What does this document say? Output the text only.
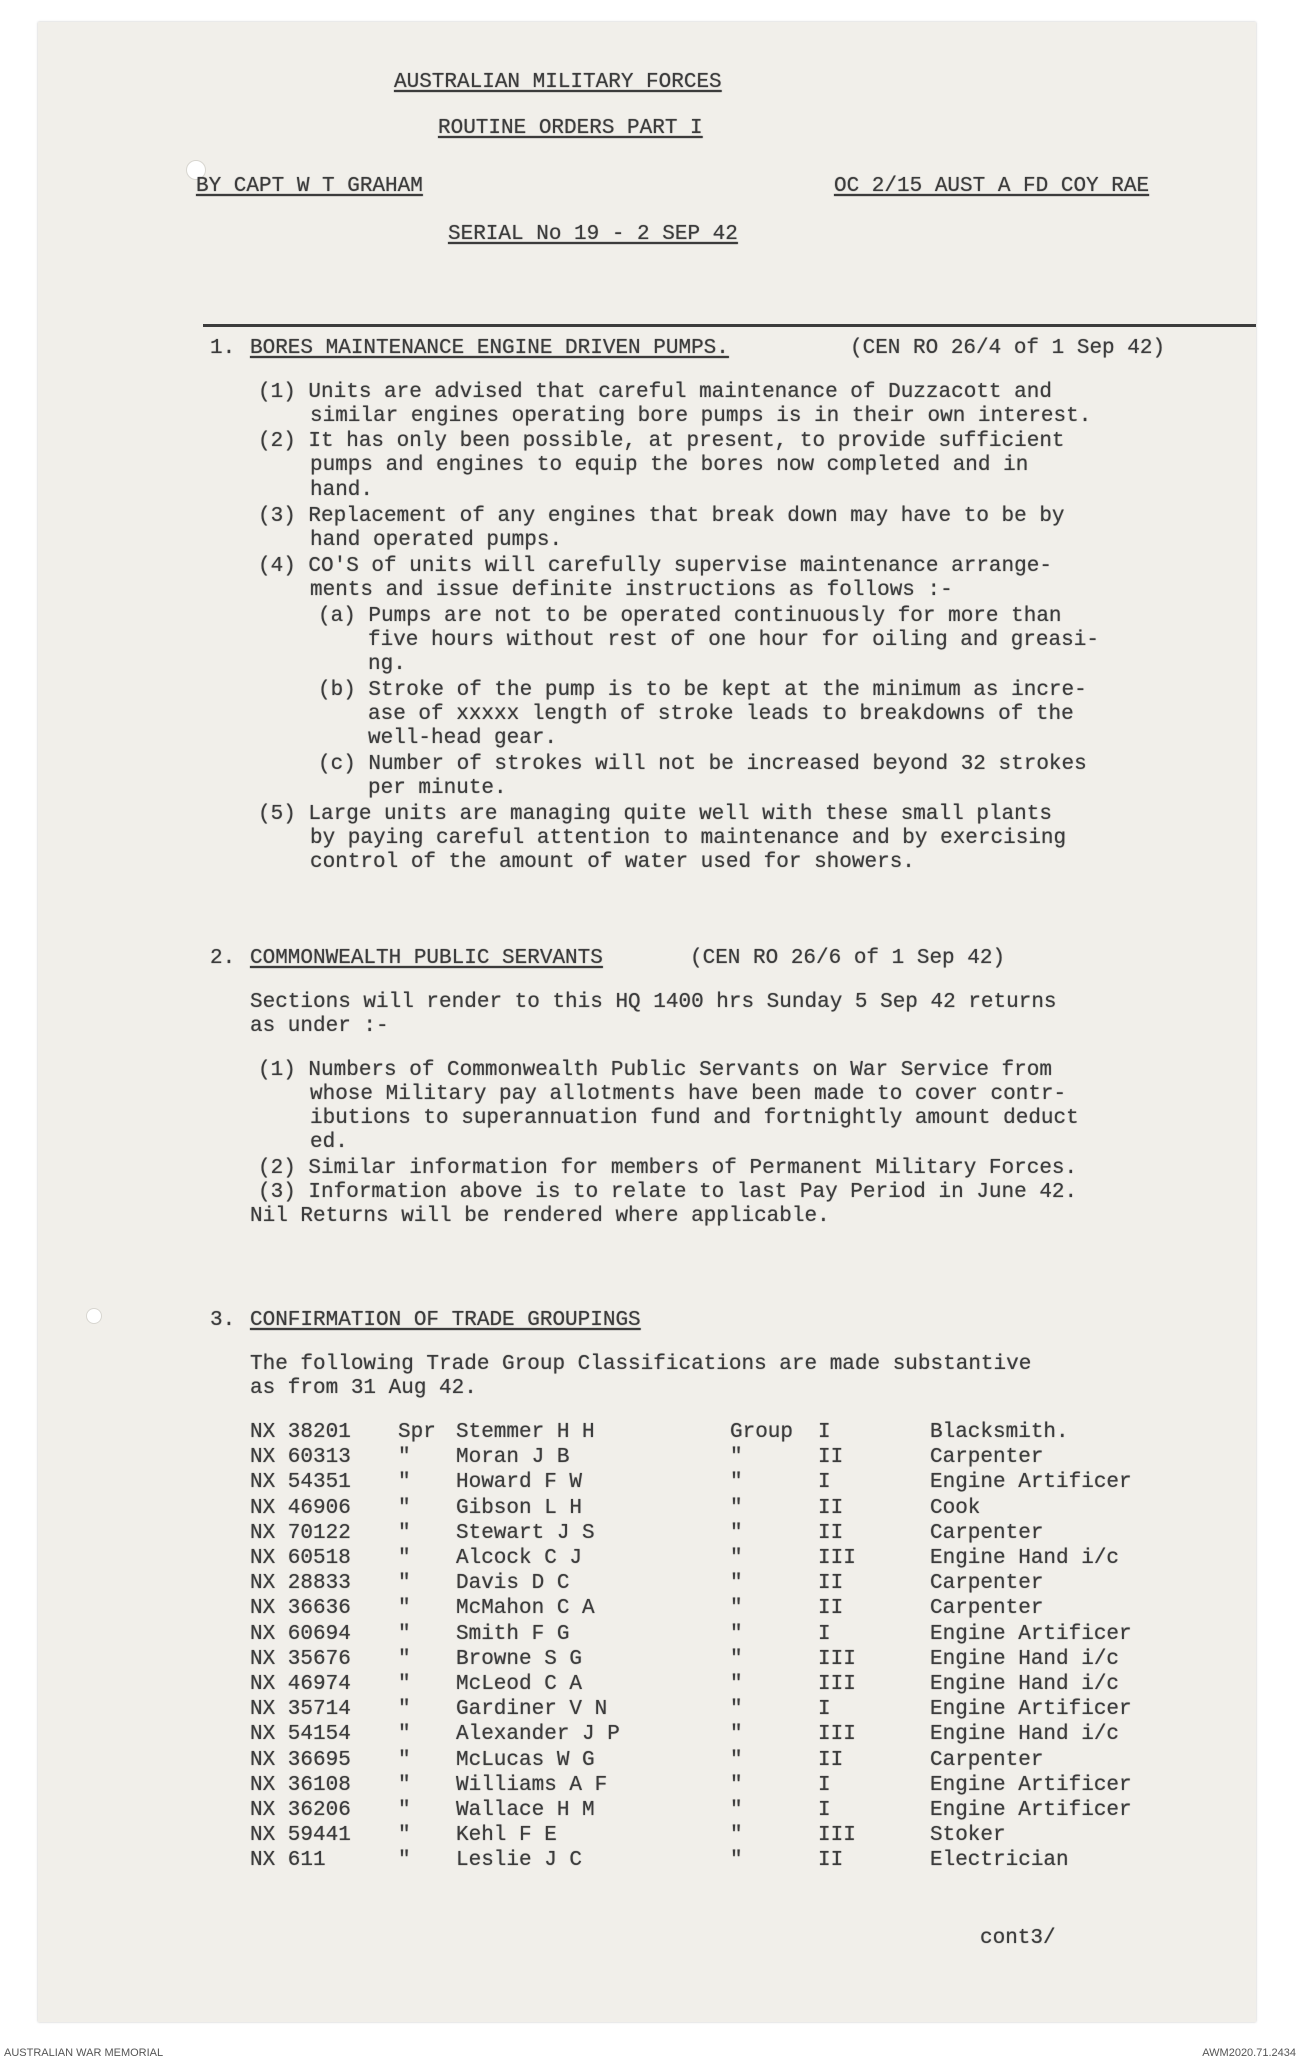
AUSTRALIAN MILITARY FORCES

ROUTINE ORDERS PART I

BY CAPT W T GRAHAM

	OC 2/15 AUST A FD COY RAE

SERIAL No 19 - 2 SEP 42

1.

BORES MAINTENANCE ENGINE DRIVEN PUMPS.

	(CEN RO 26/4 of 1 Sep 42)

(1) Units are advised that careful maintenance of Duzzacott and
similar engines operating bore pumps is in their own interest.
(2) It has only been possible, at present, to provide sufficient
pumps and engines to equip the bores now completed and in
hand.
(3) Replacement of any engines that break down may have to be by
hand operated pumps.
(4) CO'S of units will carefully supervise maintenance arrange-
ments and issue definite instructions as follows :-
(a) Pumps are not to be operated continuously for more than
five hours without rest of one hour for oiling and greasi-
ng.
(b) Stroke of the pump is to be kept at the minimum as incre-
ase of xxxxx length of stroke leads to breakdowns of the
well-head gear.
(c) Number of strokes will not be increased beyond 32 strokes
per minute.
(5) Large units are managing quite well with these small plants
by paying careful attention to maintenance and by exercising
control of the amount of water used for showers.

2.

COMMONWEALTH PUBLIC SERVANTS

	(CEN RO 26/6 of 1 Sep 42)

Sections will render to this HQ 1400 hrs Sunday 5 Sep 42 returns
as under :-
(1) Numbers of Commonwealth Public Servants on War Service from
whose Military pay allotments have been made to cover contr-
ibutions to superannuation fund and fortnightly amount deduct
ed.
(2) Similar information for members of Permanent Military Forces.
(3) Information above is to relate to last Pay Period in June 42.
Nil Returns will be rendered where applicable.

3.

CONFIRMATION OF TRADE GROUPINGS

The following Trade Group Classifications are made substantive
as from 31 Aug 42.

NX 38201 Spr Stemmer H H	Group I	Blacksmith.
NX 60313 " Moran J B	"	II	Carpenter
NX 54351 " Howard F W	"	I	Engine Artificer
NX 46906 " Gibson L H	"	II	Cook
NX 70122 " Stewart J S	"	II	Carpenter
NX 60518 " Alcock C J	"	III	Engine Hand i/c
NX 28833 " Davis D C	"	II	Carpenter
NX 36636 " McMahon C A	"	II	Carpenter
NX 60694 " Smith F G	"	I	Engine Artificer
NX 35676 " Browne S G	"	III	Engine Hand i/c
NX 46974 " McLeod C A	"	III	Engine Hand i/c
NX 35714 " Gardiner V N	"	I	Engine Artificer
NX 54154 " Alexander J P	"	III	Engine Hand i/c
NX 36695 " McLucas W G	"	II	Carpenter
NX 36108 " Williams A F	"	I	Engine Artificer
NX 36206 " Wallace H M	"	I	Engine Artificer
NX 59441 " Kehl F E	"	III	Stoker
NX 611	" Leslie J C	"	II	Electrician

cont3/

AUSTRALIAN WAR MEMORIAL	AWM2020.71.2434
